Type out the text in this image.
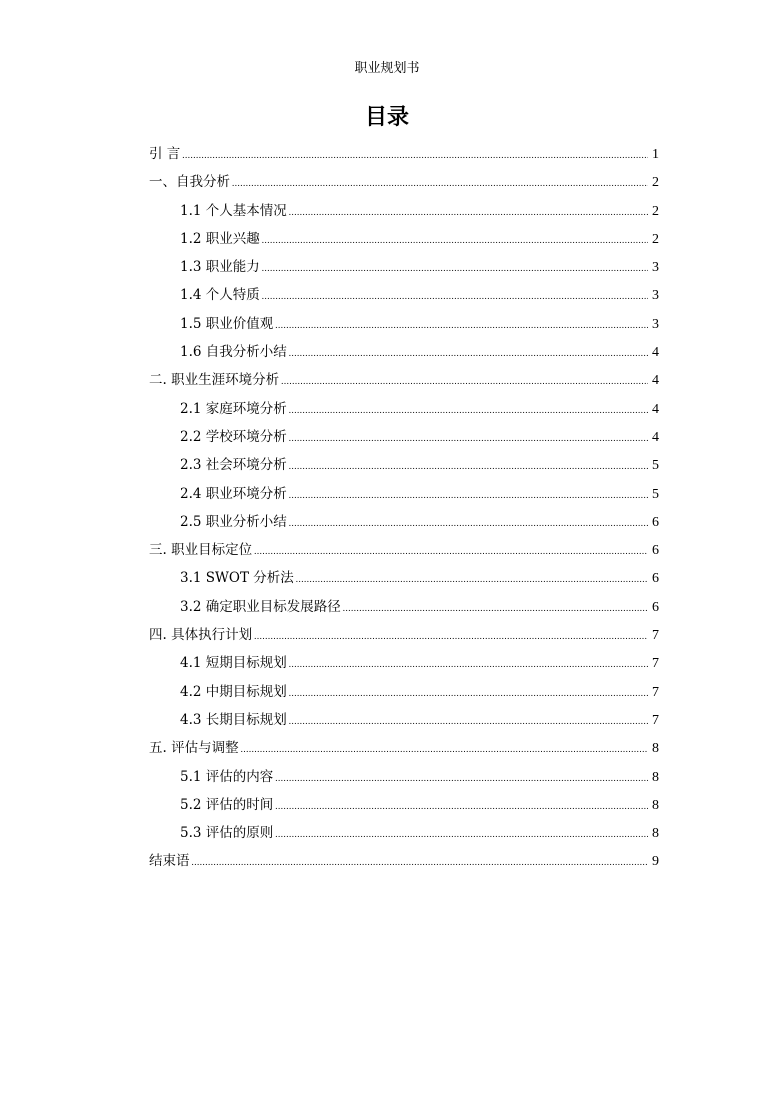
职业规划书
目录
引 言 .....	1
一、自我分析 .....	2
1.1 个人基本情况 .....	2
1.2 职业兴趣 .....	2
1.3 职业能力 .....	3
1.4 个人特质 .....	3
1.5 职业价值观 .....	3
1.6 自我分析小结 .....	4
二. 职业生涯环境分析 .....	4
2.1 家庭环境分析 .....	4
2.2 学校环境分析 .....	4
2.3 社会环境分析 .....	5
2.4 职业环境分析 .....	5
2.5 职业分析小结 .....	6
三. 职业目标定位 .....	6
3.1 SWOT 分析法 .....	6
3.2 确定职业目标发展路径 .....	6
四. 具体执行计划 .....	7
4.1 短期目标规划 .....	7
4.2 中期目标规划 .....	7
4.3 长期目标规划 .....	7
五. 评估与调整 .....	8
5.1 评估的内容 .....	8
5.2 评估的时间 .....	8
5.3 评估的原则 .....	8
结束语 .....	9
